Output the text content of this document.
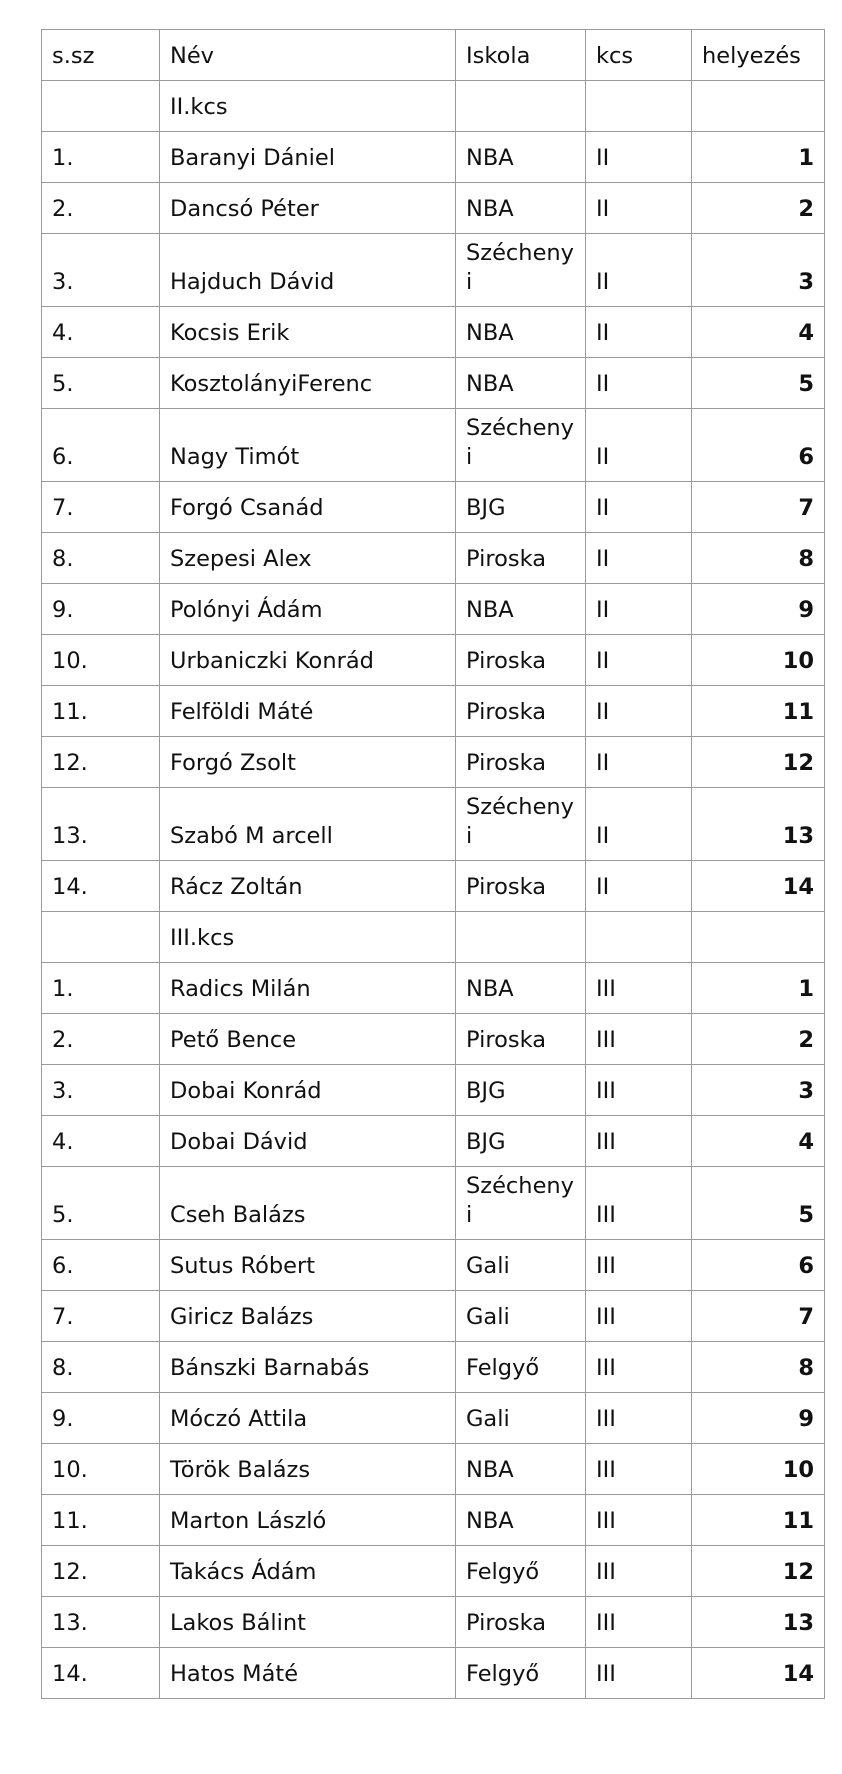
s.sz	Név	Iskola	kcs	helyezés
	II.kcs			
1.	Baranyi Dániel	NBA	II	1
2.	Dancsó Péter	NBA	II	2
3.	Hajduch Dávid	Széchenyi	II	3
4.	Kocsis Erik	NBA	II	4
5.	KosztolányiFerenc	NBA	II	5
6.	Nagy Timót	Széchenyi	II	6
7.	Forgó Csanád	BJG	II	7
8.	Szepesi Alex	Piroska	II	8
9.	Polónyi Ádám	NBA	II	9
10.	Urbaniczki Konrád	Piroska	II	10
11.	Felföldi Máté	Piroska	II	11
12.	Forgó Zsolt	Piroska	II	12
13.	Szabó M arcell	Széchenyi	II	13
14.	Rácz Zoltán	Piroska	II	14
	III.kcs			
1.	Radics Milán	NBA	III	1
2.	Pető Bence	Piroska	III	2
3.	Dobai Konrád	BJG	III	3
4.	Dobai Dávid	BJG	III	4
5.	Cseh Balázs	Széchenyi	III	5
6.	Sutus Róbert	Gali	III	6
7.	Giricz Balázs	Gali	III	7
8.	Bánszki Barnabás	Felgyő	III	8
9.	Móczó Attila	Gali	III	9
10.	Török Balázs	NBA	III	10
11.	Marton László	NBA	III	11
12.	Takács Ádám	Felgyő	III	12
13.	Lakos Bálint	Piroska	III	13
14.	Hatos Máté	Felgyő	III	14
